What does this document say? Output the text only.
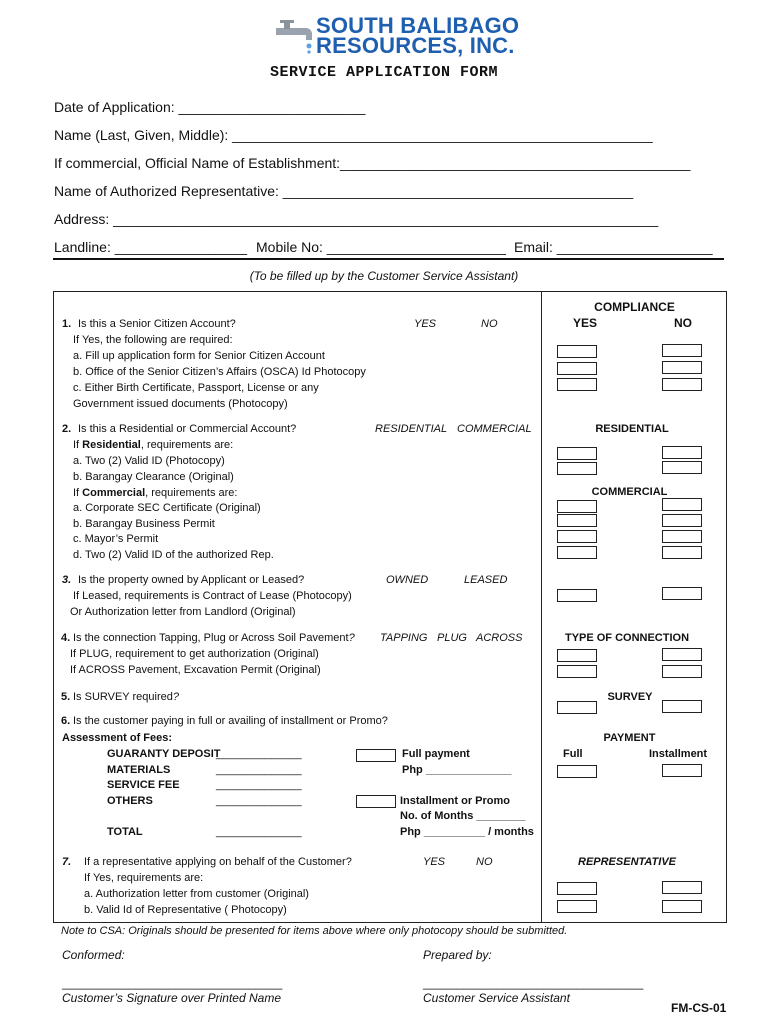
SOUTH BALIBAGO
RESOURCES, INC.
SERVICE APPLICATION FORM
Date of Application: ________________________
Name (Last, Given, Middle): ______________________________________________________
If commercial, Official Name of Establishment:_____________________________________________
Name of Authorized Representative: _____________________________________________
Address: ______________________________________________________________________
Landline: _________________ Mobile No: _______________________ Email: ____________________
(To be filled up by the Customer Service Assistant)
COMPLIANCE
YES	NO
1. Is this a Senior Citizen Account?	YES	NO
If Yes, the following are required:
a. Fill up application form for Senior Citizen Account
b. Office of the Senior Citizen’s Affairs (OSCA) Id Photocopy
c. Either Birth Certificate, Passport, License or any
Government issued documents (Photocopy)
2. Is this a Residential or Commercial Account?	RESIDENTIAL COMMERCIAL
If Residential, requirements are:
a. Two (2) Valid ID (Photocopy)
b. Barangay Clearance (Original)
If Commercial, requirements are:
a. Corporate SEC Certificate (Original)
b. Barangay Business Permit
c. Mayor’s Permit
d. Two (2) Valid ID of the authorized Rep.
RESIDENTIAL
COMMERCIAL
3. Is the property owned by Applicant or Leased?	OWNED	LEASED
If Leased, requirements is Contract of Lease (Photocopy)
Or Authorization letter from Landlord (Original)
4. Is the connection Tapping, Plug or Across Soil Pavement? TAPPING PLUG ACROSS
If PLUG, requirement to get authorization (Original)
If ACROSS Pavement, Excavation Permit (Original)
TYPE OF CONNECTION
5. Is SURVEY required?	SURVEY
6. Is the customer paying in full or availing of installment or Promo?
Assessment of Fees:
GUARANTY DEPOSIT
______________
MATERIALS	______________
SERVICE FEE	______________
OTHERS	______________
TOTAL	______________
Full payment
Php ______________
Installment or Promo
No. of Months ________
Php __________ / months
PAYMENT
Full	Installment
7. If a representative applying on behalf of the Customer?	YES	NO
If Yes, requirements are:
a. Authorization letter from customer (Original)
b. Valid Id of Representative ( Photocopy)
REPRESENTATIVE
Note to CSA: Originals should be presented for items above where only photocopy should be submitted.
Conformed:	Prepared by:
_________________________________	_________________________________
Customer’s Signature over Printed Name	Customer Service Assistant
FM-CS-01
